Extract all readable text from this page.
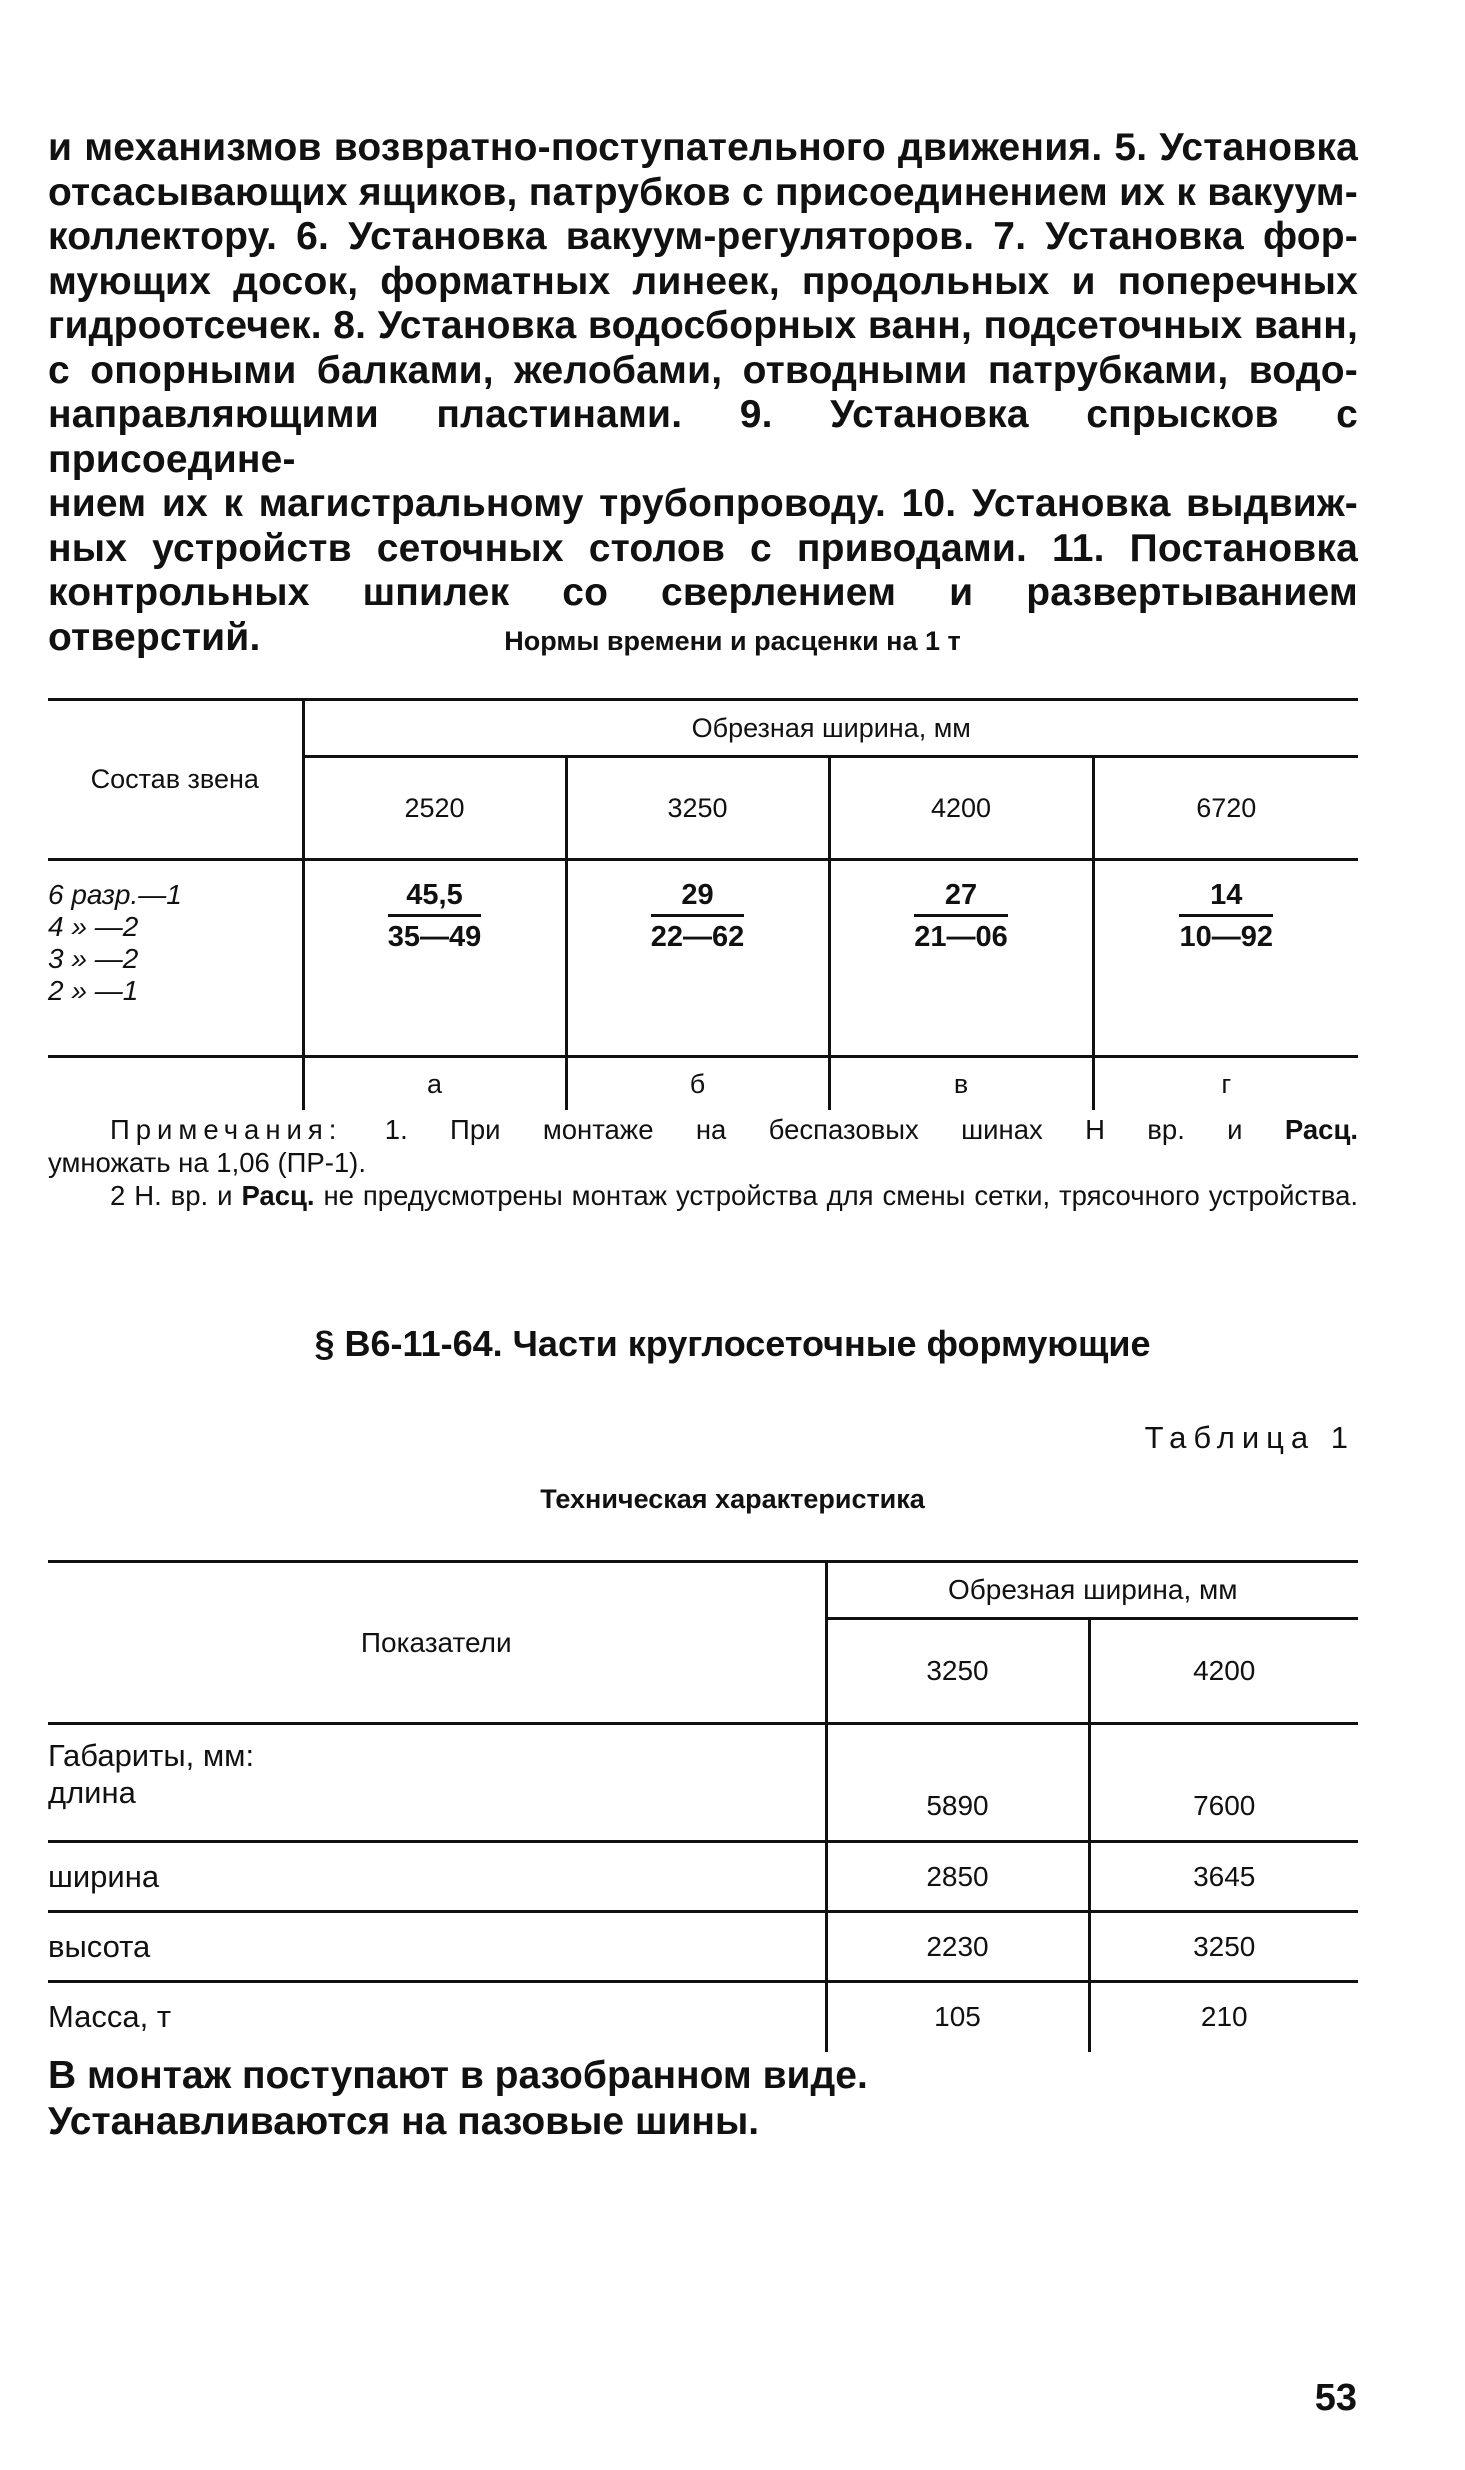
и механизмов возвратно-поступательного движения. 5. Установка
отсасывающих ящиков, патрубков с присоединением их к вакуум-
коллектору. 6. Установка вакуум-регуляторов. 7. Установка фор-
мующих досок, форматных линеек, продольных и поперечных
гидроотсечек. 8. Установка водосборных ванн, подсеточных ванн,
с опорными балками, желобами, отводными патрубками, водо-
направляющими пластинами. 9. Установка спрысков с присоедине-
нием их к магистральному трубопроводу. 10. Установка выдвиж-
ных устройств сеточных столов с приводами. 11. Постановка
контрольных шпилек со сверлением и развертыванием отверстий.	Нормы времени и расценки на 1 т
Состав звена	Обрезная ширина, мм			
	2520	3250	4200	6720

6 разр.—1
4 » —2
3 » —2
2 » —1	$\frac{45,5}{35—49}$	$\frac{29}{22—62}$	$\frac{27}{21—06}$	$\frac{14}{10—92}$

	а	б	в	г

Примечания: 1. При монтаже на беспазовых шинах Н вр. и Расц.

умножать на 1,06 (ПР-1).

2 Н. вр. и Расц. не предусмотрены монтаж устройства для смены сетки, трясочного устройства.

§ В6-11-64. Части круглосеточные формующие
Таблица 1
Техническая характеристика
Показатели	Обрезная ширина, мм	
	3250	4200

Габариты, мм:
длина	5890	7600
ширина	2850	3645
высота	2230	3250
Масса, т	105	210
В монтаж поступают в разобранном виде.
Устанавливаются на пазовые шины.
53
